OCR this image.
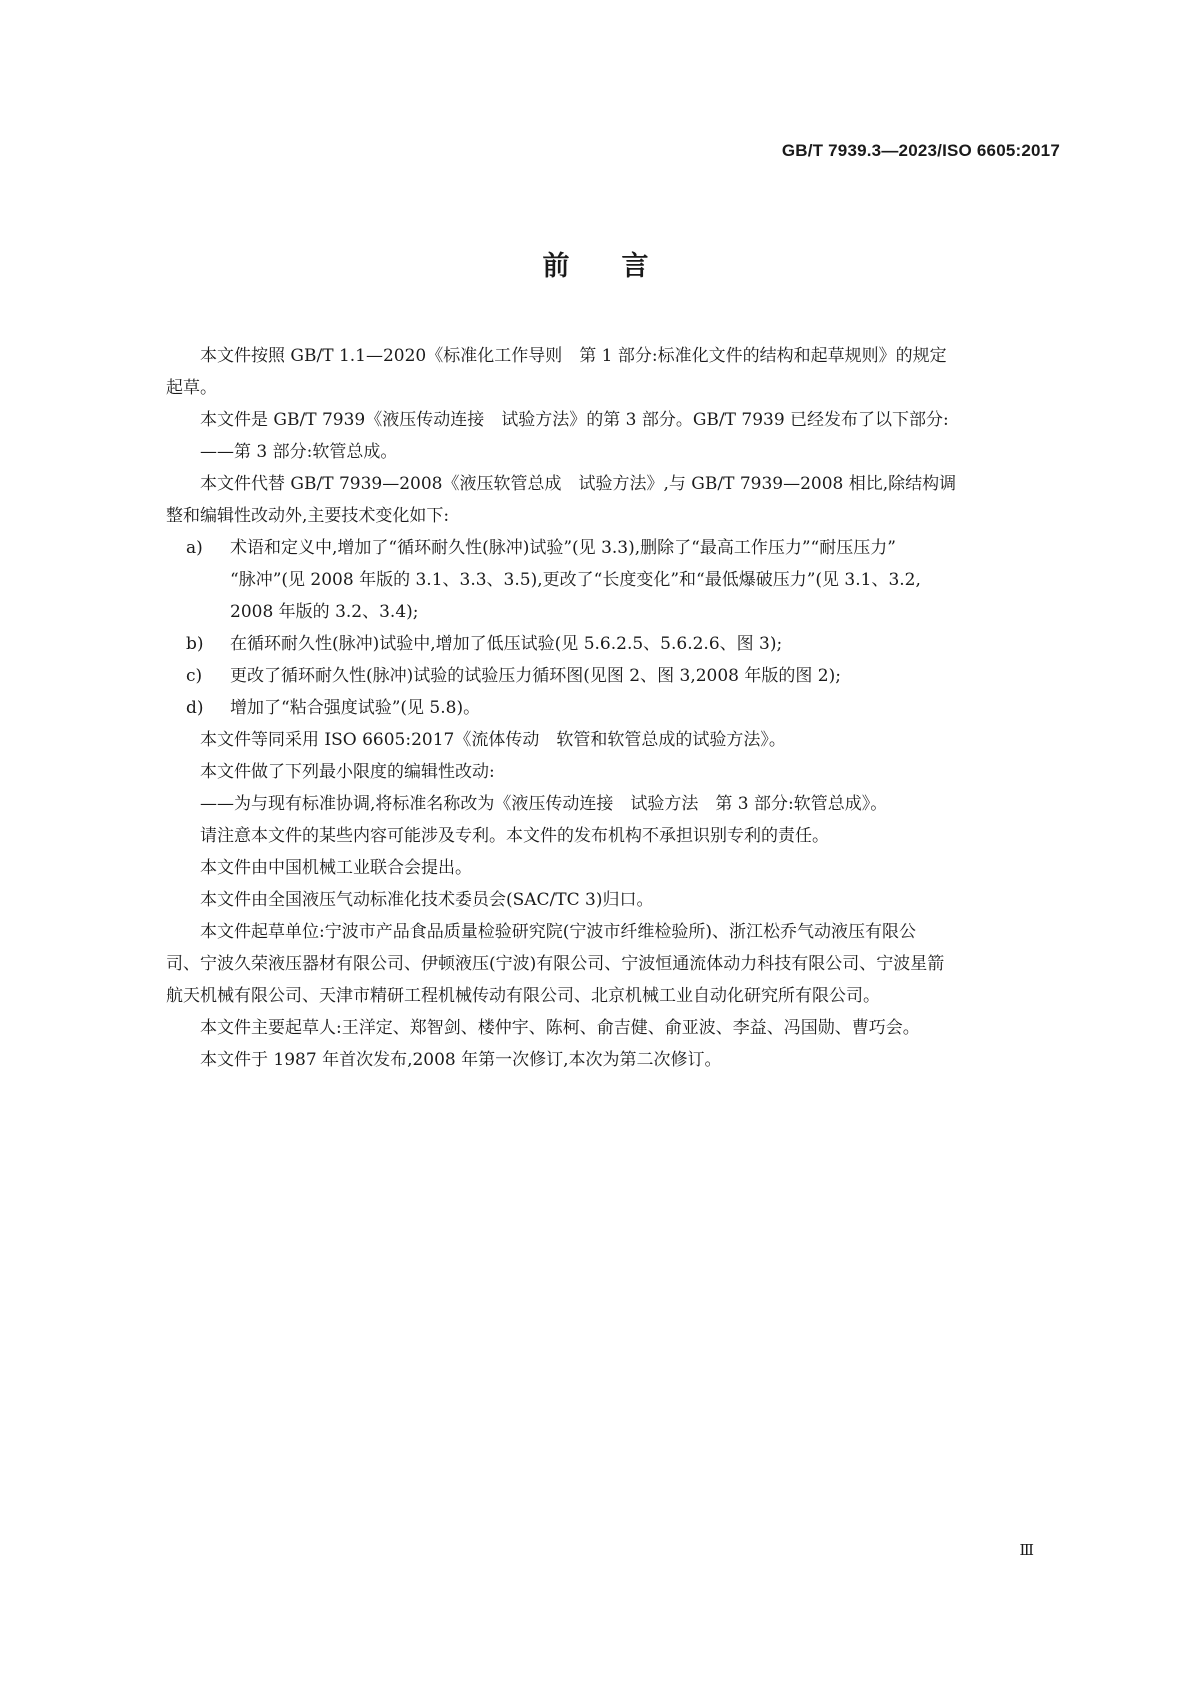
GB/T 7939.3—2023/ISO 6605:2017
前言

本文件按照 GB/T 1.1—2020《标准化工作导则　第 1 部分:标准化文件的结构和起草规则》的规定

起草。

本文件是 GB/T 7939《液压传动连接　试验方法》的第 3 部分。GB/T 7939 已经发布了以下部分:

——第 3 部分:软管总成。

本文件代替 GB/T 7939—2008《液压软管总成　试验方法》,与 GB/T 7939—2008 相比,除结构调

整和编辑性改动外,主要技术变化如下:

a)	术语和定义中,增加了“循环耐久性(脉冲)试验”(见 3.3),删除了“最高工作压力”“耐压压力”
“脉冲”(见 2008 年版的 3.1、3.3、3.5),更改了“长度变化”和“最低爆破压力”(见 3.1、3.2,
2008 年版的 3.2、3.4);
b)	在循环耐久性(脉冲)试验中,增加了低压试验(见 5.6.2.5、5.6.2.6、图 3);
c)	更改了循环耐久性(脉冲)试验的试验压力循环图(见图 2、图 3,2008 年版的图 2);
d)	增加了“粘合强度试验”(见 5.8)。

本文件等同采用 ISO 6605:2017《流体传动　软管和软管总成的试验方法》。

本文件做了下列最小限度的编辑性改动:

——为与现有标准协调,将标准名称改为《液压传动连接　试验方法　第 3 部分:软管总成》。

请注意本文件的某些内容可能涉及专利。本文件的发布机构不承担识别专利的责任。

本文件由中国机械工业联合会提出。

本文件由全国液压气动标准化技术委员会(SAC/TC 3)归口。

本文件起草单位:宁波市产品食品质量检验研究院(宁波市纤维检验所)、浙江松乔气动液压有限公

司、宁波久荣液压器材有限公司、伊顿液压(宁波)有限公司、宁波恒通流体动力科技有限公司、宁波星箭

航天机械有限公司、天津市精研工程机械传动有限公司、北京机械工业自动化研究所有限公司。

本文件主要起草人:王洋定、郑智剑、楼仲宇、陈柯、俞吉健、俞亚波、李益、冯国勋、曹巧会。

本文件于 1987 年首次发布,2008 年第一次修订,本次为第二次修订。

Ⅲ
